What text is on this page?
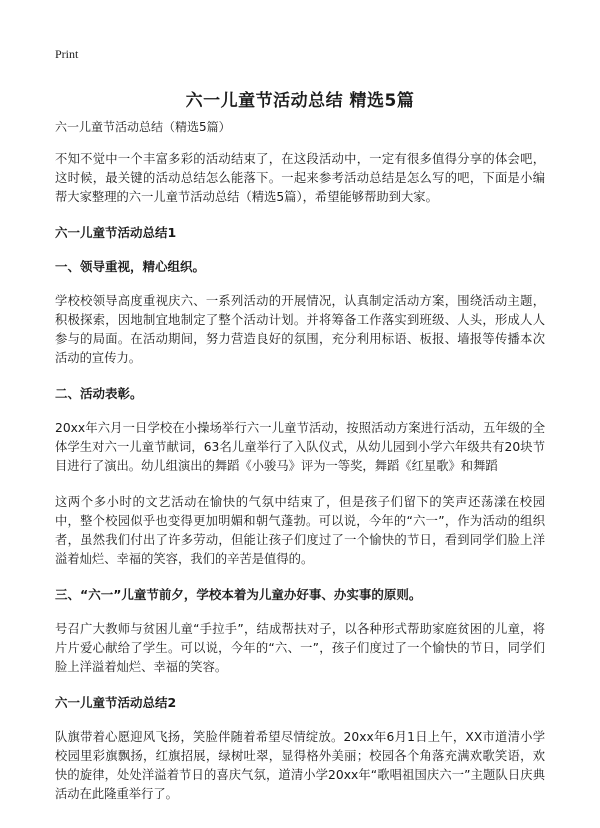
Print
六一儿童节活动总结 精选5篇
六一儿童节活动总结（精选5篇）

不知不觉中一个丰富多彩的活动结束了，在这段活动中，一定有很多值得分享的体会吧，这时候，最关键的活动总结怎么能落下。一起来参考活动总结是怎么写的吧，下面是小编帮大家整理的六一儿童节活动总结（精选5篇），希望能够帮助到大家。

六一儿童节活动总结1
一、领导重视，精心组织。

学校校领导高度重视庆六、一系列活动的开展情况，认真制定活动方案，围绕活动主题，积极探索，因地制宜地制定了整个活动计划。并将筹备工作落实到班级、人头，形成人人参与的局面。在活动期间，努力营造良好的氛围，充分利用标语、板报、墙报等传播本次活动的宣传力。

二、活动表彰。

20xx年六月一日学校在小操场举行六一儿童节活动，按照活动方案进行活动，五年级的全体学生对六一儿童节献词，63名儿童举行了入队仪式，从幼儿园到小学六年级共有20块节目进行了演出。幼儿组演出的舞蹈《小骏马》评为一等奖，舞蹈《红星歌》和舞蹈

这两个多小时的文艺活动在愉快的气氛中结束了，但是孩子们留下的笑声还荡漾在校园中，整个校园似乎也变得更加明媚和朝气蓬勃。可以说，今年的“六一”，作为活动的组织者，虽然我们付出了许多劳动，但能让孩子们度过了一个愉快的节日，看到同学们脸上洋溢着灿烂、幸福的笑容，我们的辛苦是值得的。

三、“六一”儿童节前夕，学校本着为儿童办好事、办实事的原则。

号召广大教师与贫困儿童“手拉手”，结成帮扶对子，以各种形式帮助家庭贫困的儿童，将片片爱心献给了学生。可以说，今年的“六、一”，孩子们度过了一个愉快的节日，同学们脸上洋溢着灿烂、幸福的笑容。

六一儿童节活动总结2

队旗带着心愿迎风飞扬，笑脸伴随着希望尽情绽放。20xx年6月1日上午，XX市道清小学校园里彩旗飘扬，红旗招展，绿树吐翠，显得格外美丽；校园各个角落充满欢歌笑语，欢快的旋律，处处洋溢着节日的喜庆气氛，道清小学20xx年“歌唱祖国庆六一”主题队日庆典活动在此隆重举行了。
